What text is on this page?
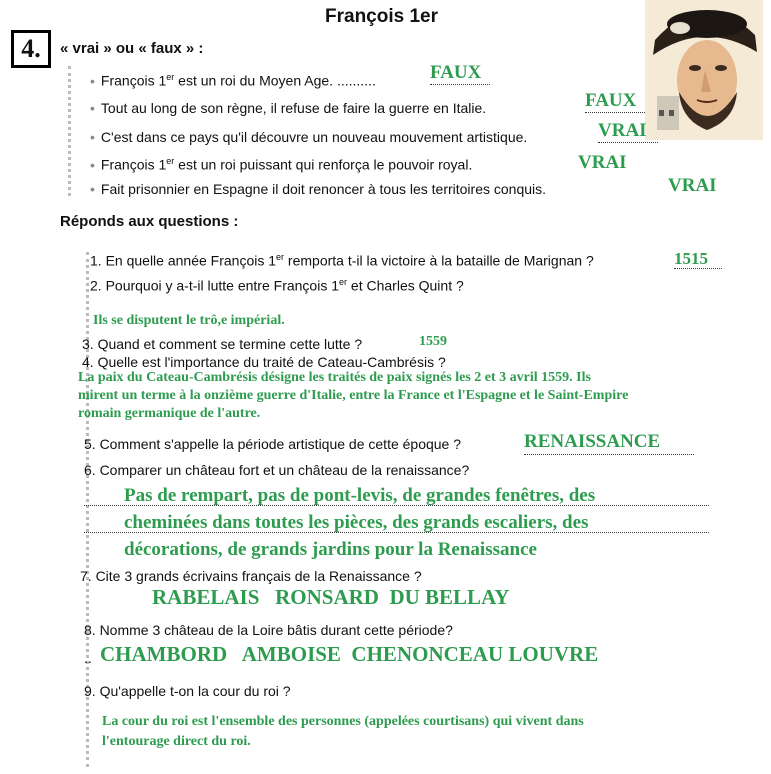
François 1er
4.	« vrai » ou « faux » :
• François 1er est un roi du Moyen Age. ..........	FAUX
• Tout au long de son règne, il refuse de faire la guerre en Italie.	FAUX
• C'est dans ce pays qu'il découvre un nouveau mouvement artistique.	VRAI
• François 1er est un roi puissant qui renforça le pouvoir royal.	VRAI
• Fait prisonnier en Espagne il doit renoncer à tous les territoires conquis.	VRAI
Réponds aux questions :
1. En quelle année François 1er remporta t-il la victoire à la bataille de Marignan ?	1515
2. Pourquoi y a-t-il lutte entre François 1er et Charles Quint ?
Ils se disputent le trô,e impérial.
3. Quand et comment se termine cette lutte ?	1559
4. Quelle est l'importance du traité de Cateau-Cambrésis ?
La paix du Cateau-Cambrésis désigne les traités de paix signés les 2 et 3 avril 1559. Ils
mirent un terme à la onzième guerre d'Italie, entre la France et l'Espagne et le Saint-Empire
romain germanique de l'autre.
5. Comment s'appelle la période artistique de cette époque ?	RENAISSANCE
6. Comparer un château fort et un château de la renaissance?
Pas de rempart, pas de pont-levis, de grandes fenêtres, des
cheminées dans toutes les pièces, des grands escaliers, des
décorations, de grands jardins pour la Renaissance
7. Cite 3 grands écrivains français de la Renaissance ?
RABELAIS   RONSARD  DU BELLAY
8. Nomme 3 château de la Loire bâtis durant cette période?
.. CHAMBORD   AMBOISE  CHENONCEAU LOUVRE
9. Qu'appelle t-on la cour du roi ?
La cour du roi est l'ensemble des personnes (appelées courtisans) qui vivent dans
l'entourage direct du roi.
